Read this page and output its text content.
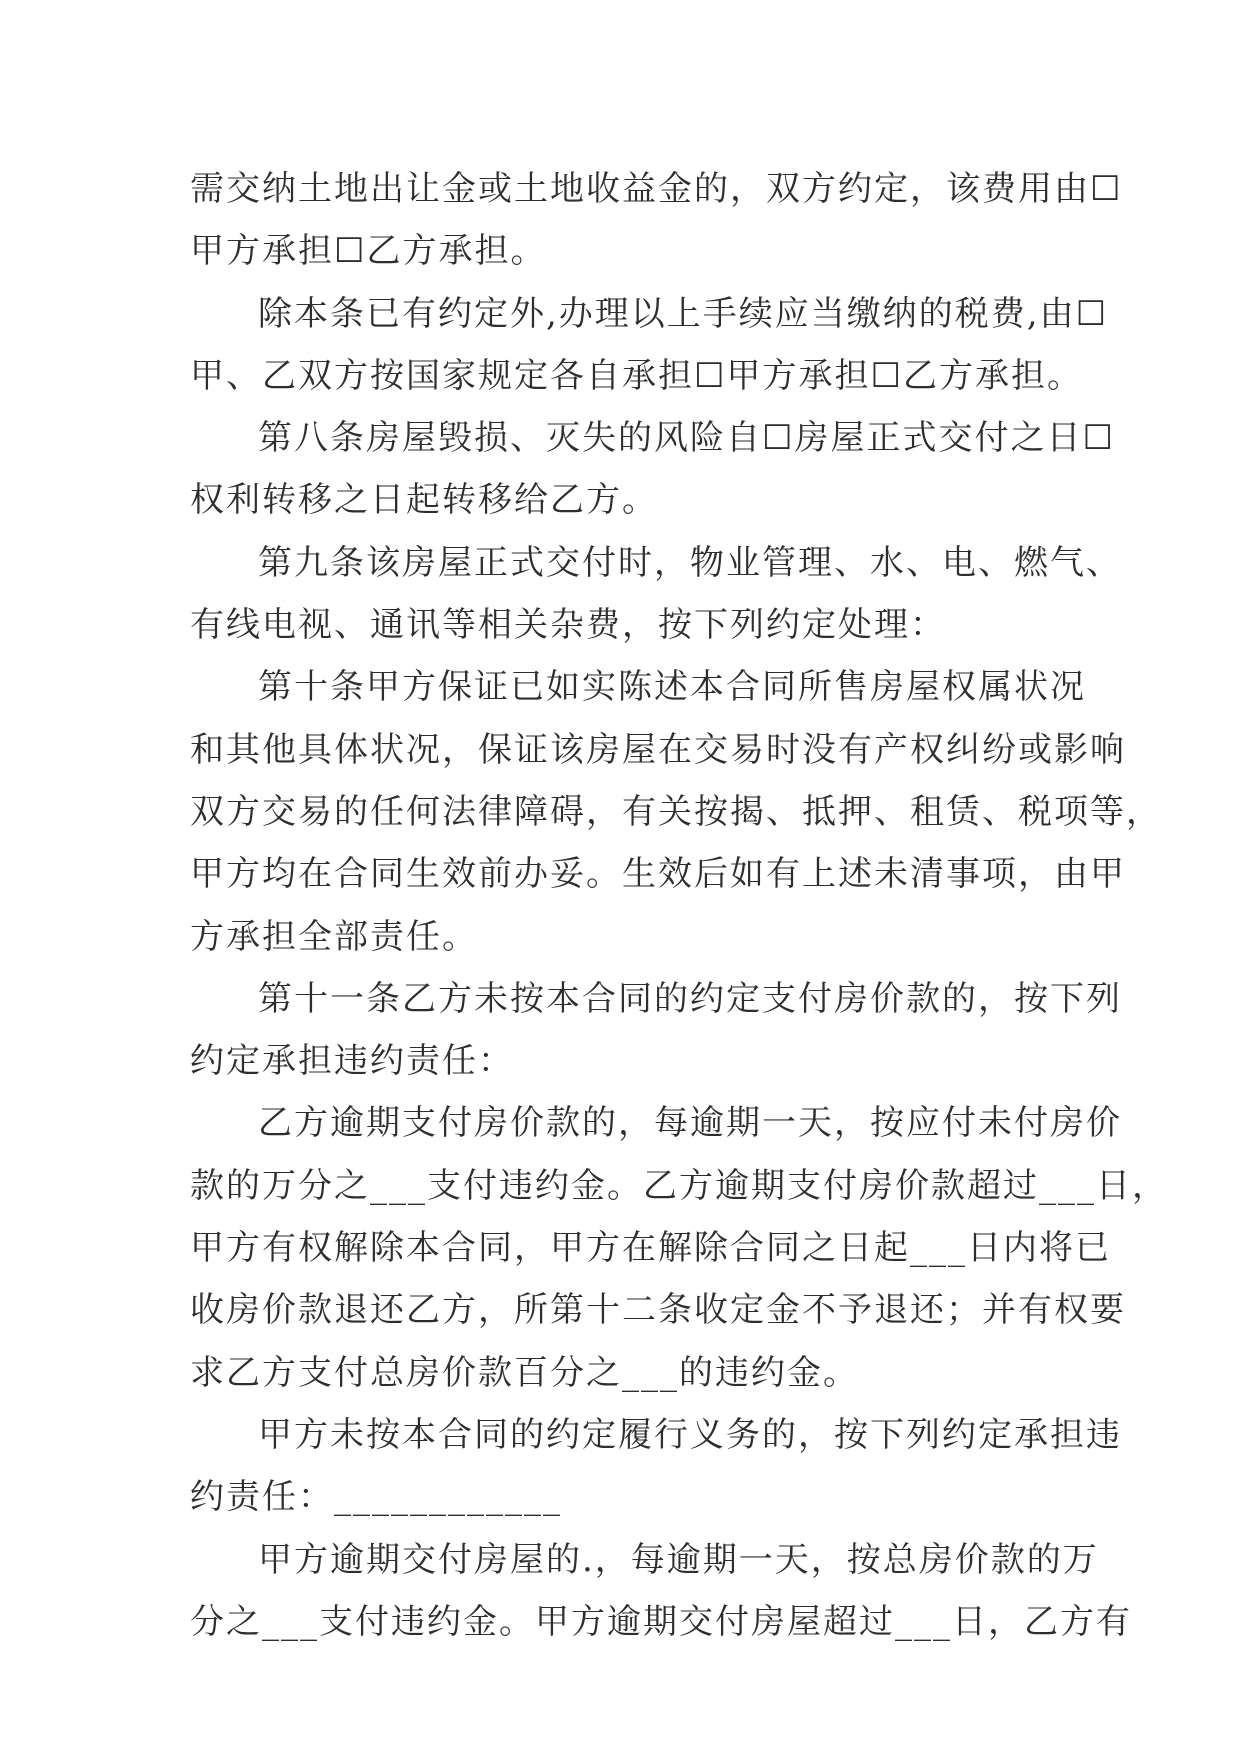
需交纳土地出让金或土地收益金的，双方约定，该费用由☐
甲方承担☐乙方承担。
除本条已有约定外,办理以上手续应当缴纳的税费,由☐
甲、乙双方按国家规定各自承担☐甲方承担☐乙方承担。
第八条房屋毁损、灭失的风险自☐房屋正式交付之日☐
权利转移之日起转移给乙方。
第九条该房屋正式交付时，物业管理、水、电、燃气、
有线电视、通讯等相关杂费，按下列约定处理：
第十条甲方保证已如实陈述本合同所售房屋权属状况
和其他具体状况，保证该房屋在交易时没有产权纠纷或影响
双方交易的任何法律障碍，有关按揭、抵押、租赁、税项等，
甲方均在合同生效前办妥。生效后如有上述未清事项，由甲
方承担全部责任。
第十一条乙方未按本合同的约定支付房价款的，按下列
约定承担违约责任：
乙方逾期支付房价款的，每逾期一天，按应付未付房价
款的万分之___支付违约金。乙方逾期支付房价款超过___日，
甲方有权解除本合同，甲方在解除合同之日起___日内将已
收房价款退还乙方，所第十二条收定金不予退还；并有权要
求乙方支付总房价款百分之___的违约金。
甲方未按本合同的约定履行义务的，按下列约定承担违
约责任：____________
甲方逾期交付房屋的.，每逾期一天，按总房价款的万
分之___支付违约金。甲方逾期交付房屋超过___日，乙方有
